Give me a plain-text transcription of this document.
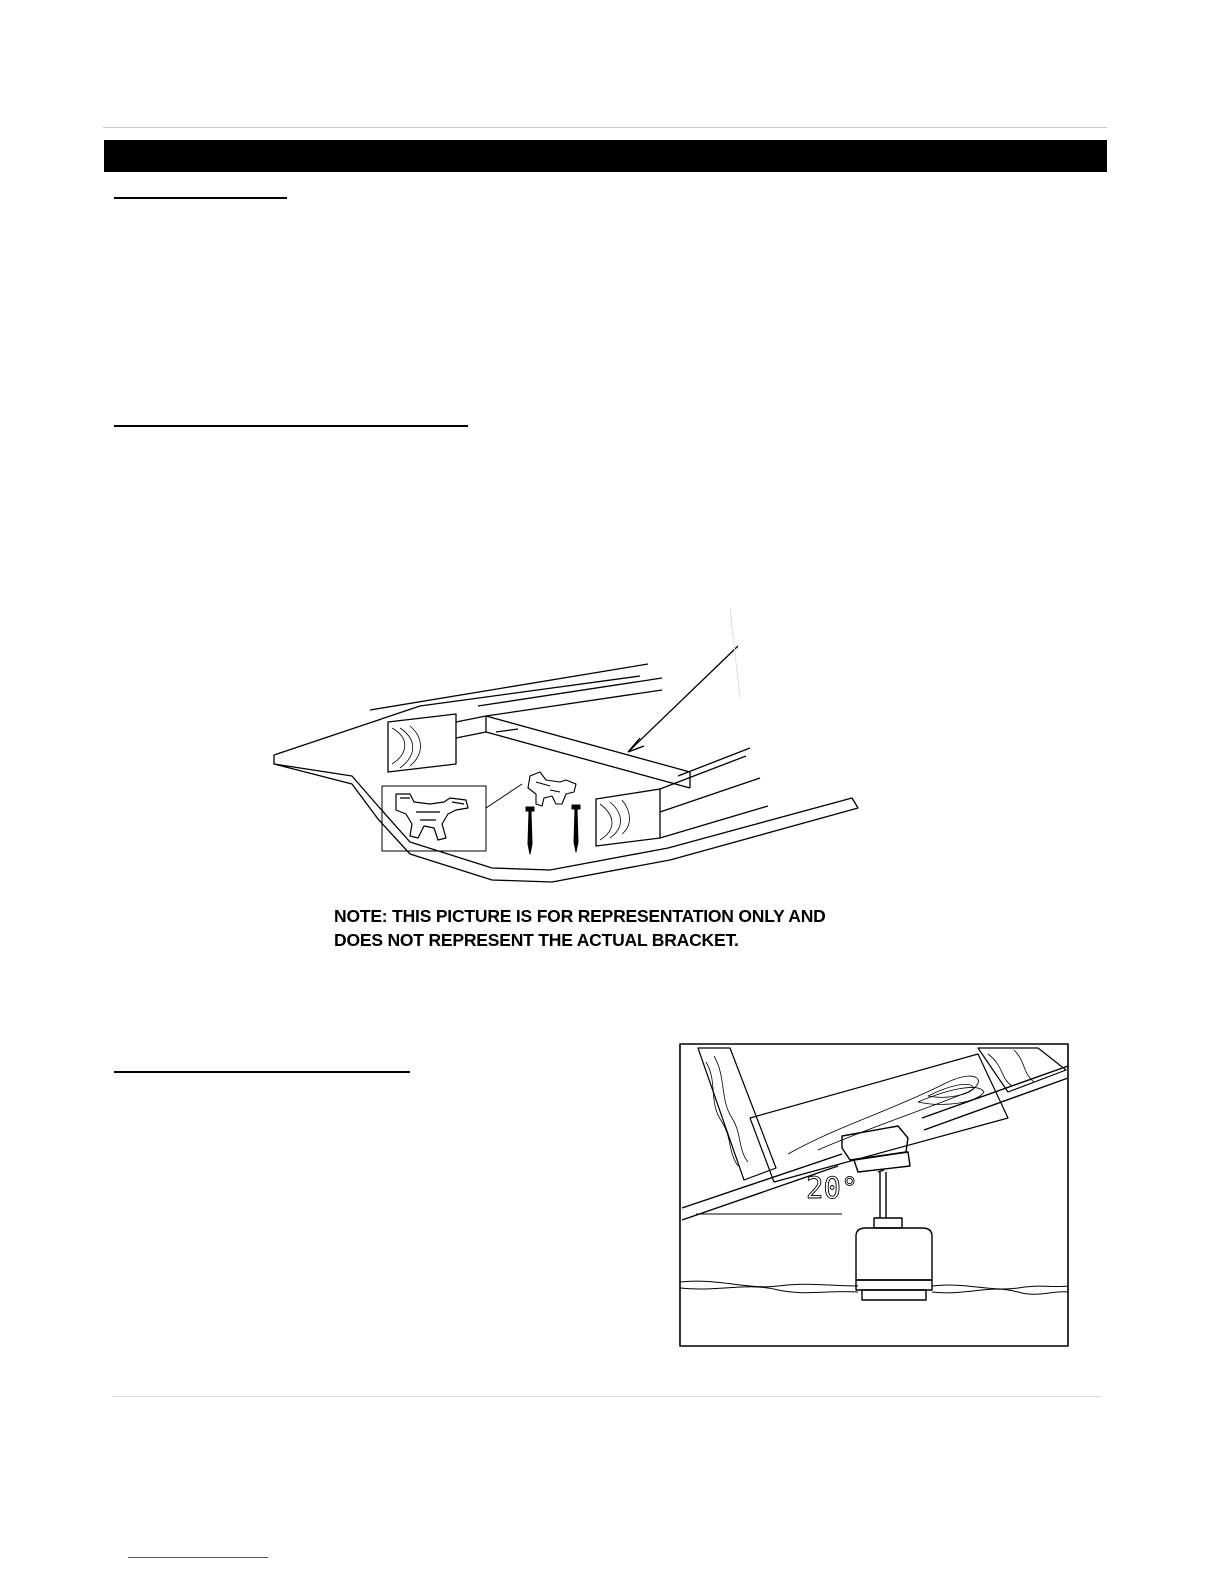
NOTE: THIS PICTURE IS FOR REPRESENTATION ONLY AND
DOES NOT REPRESENT THE ACTUAL BRACKET.
20°
